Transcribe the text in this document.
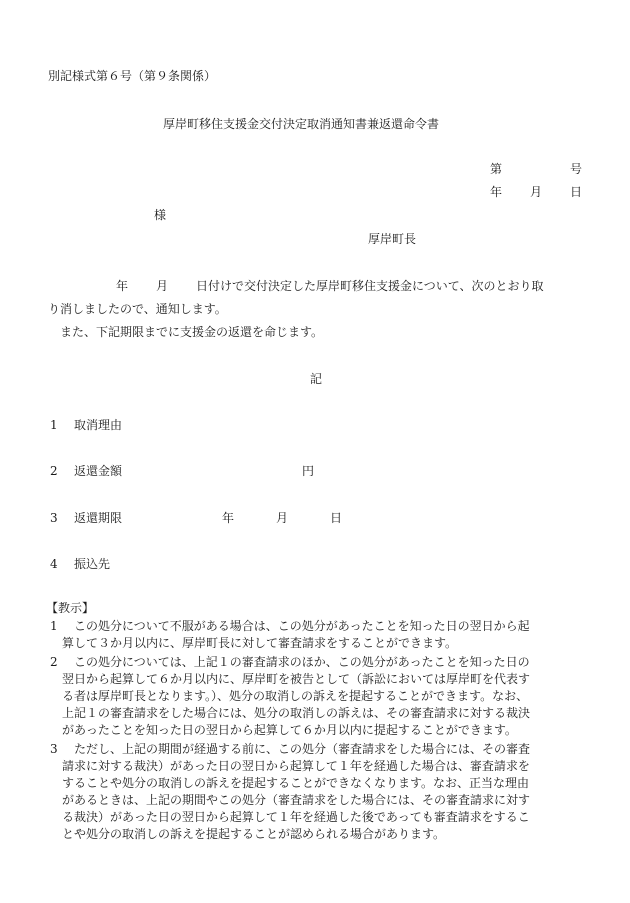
別記様式第６号（第９条関係）
厚岸町移住支援金交付決定取消通知書兼返還命令書
第	号
年 月 日
様
厚岸町長
年 月 日付けで交付決定した厚岸町移住支援金について、次のとおり取
り消しましたので、通知します。
また、下記期限までに支援金の返還を命じます。
記
1 取消理由
2 返還金額	円
3 返還期限	年	月	日
4 振込先
【教示】
1 この処分について不服がある場合は、この処分があったことを知った日の翌日から起
算して３か月以内に、厚岸町長に対して審査請求をすることができます。
2 この処分については、上記１の審査請求のほか、この処分があったことを知った日の
翌日から起算して６か月以内に、厚岸町を被告として（訴訟においては厚岸町を代表す
る者は厚岸町長となります。）、処分の取消しの訴えを提起することができます。なお、
上記１の審査請求をした場合には、処分の取消しの訴えは、その審査請求に対する裁決
があったことを知った日の翌日から起算して６か月以内に提起することができます。
3 ただし、上記の期間が経過する前に、この処分（審査請求をした場合には、その審査
請求に対する裁決）があった日の翌日から起算して１年を経過した場合は、審査請求を
することや処分の取消しの訴えを提起することができなくなります。なお、正当な理由
があるときは、上記の期間やこの処分（審査請求をした場合には、その審査請求に対す
る裁決）があった日の翌日から起算して１年を経過した後であっても審査請求をするこ
とや処分の取消しの訴えを提起することが認められる場合があります。
